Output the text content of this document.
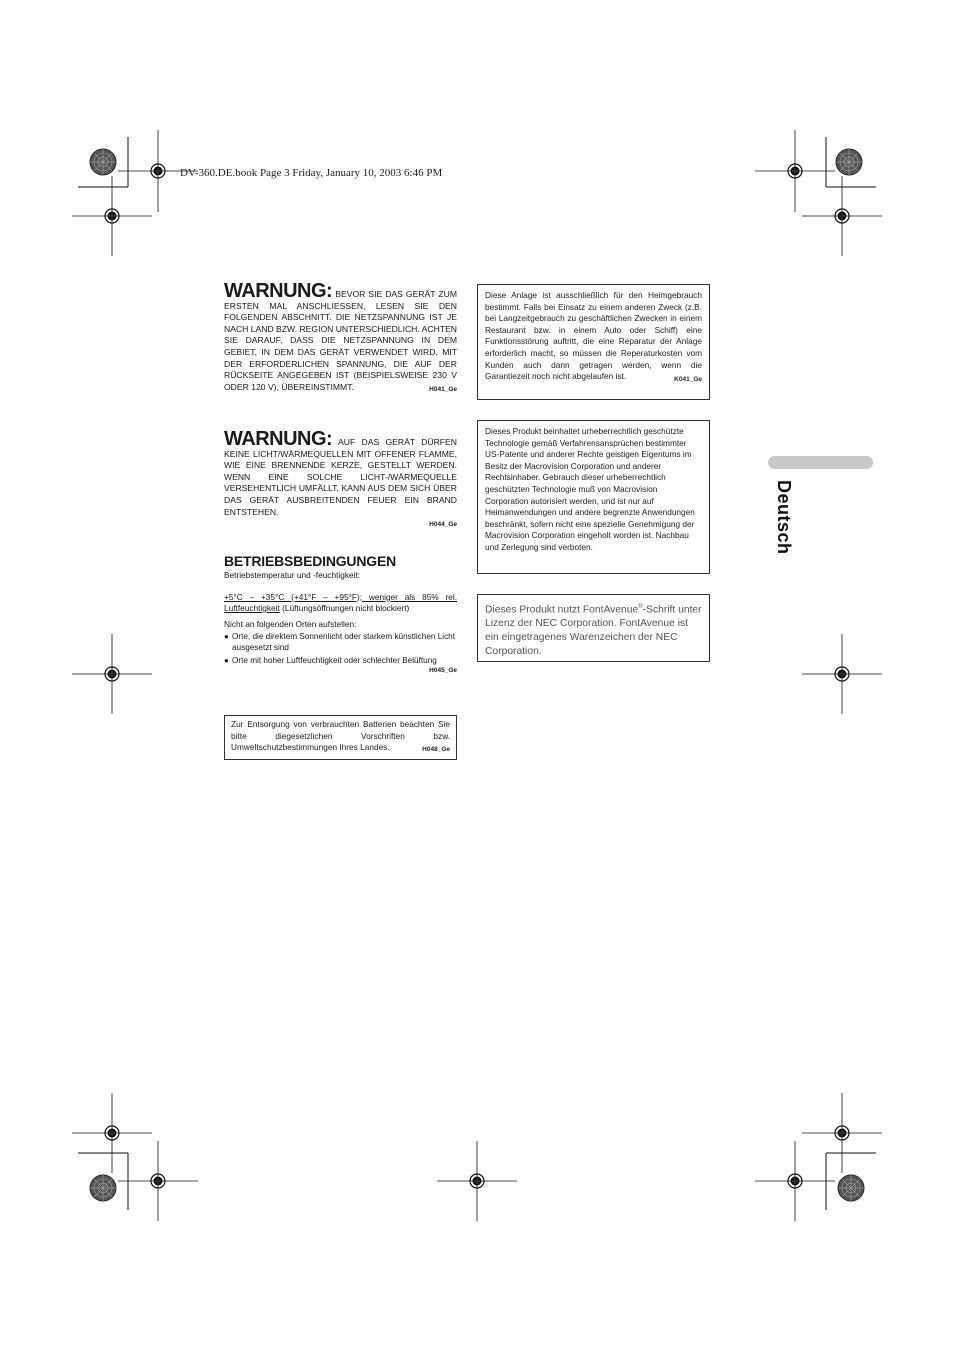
DV-360.DE.book Page 3 Friday, January 10, 2003 6:46 PM
Deutsch
WARNUNG: BEVOR SIE DAS GERÄT ZUM ERSTEN MAL ANSCHLIESSEN, LESEN SIE DEN FOLGENDEN ABSCHNITT. DIE NETZSPANNUNG IST JE NACH LAND BZW. REGION UNTERSCHIEDLICH. ACHTEN SIE DARAUF, DASS DIE NETZSPANNUNG IN DEM GEBIET, IN DEM DAS GERÄT VERWENDET WIRD, MIT DER ERFORDERLICHEN SPANNUNG, DIE AUF DER RÜCKSEITE ANGEGEBEN IST (BEISPIELSWEISE 230 V ODER 120 V), ÜBEREINSTIMMT.	H041_Ge
WARNUNG: AUF DAS GERÄT DÜRFEN KEINE LICHT/WÄRMEQUELLEN MIT OFFENER FLAMME, WIE EINE BRENNENDE KERZE, GESTELLT WERDEN. WENN EINE SOLCHE LICHT-/WÄRMEQUELLE VERSEHENTLICH UMFÄLLT, KANN AUS DEM SICH ÜBER DAS GERÄT AUSBREITENDEN FEUER EIN BRAND ENTSTEHEN.
H044_Ge
BETRIEBSBEDINGUNGEN
Betriebstemperatur und -feuchtigkeit:
+5°C – +35°C (+41°F – +95°F); weniger als 85% rel. Luftfeuchtigkeit (Lüftungsöffnungen nicht blockiert)
Nicht an folgenden Orten aufstellen:
● Orte, die direktem Sonnenlicht oder starkem künstlichen Licht ausgesetzt sind
● Orte mit hoher Luftfeuchtigkeit oder schlechter Belüftung
H045_Ge
Zur Entsorgung von verbrauchten Batterien beachten Sie bitte diegesetzlichen Vorschriften bzw. Umweltschutzbestimmungen Ihres Landes.	H048_Ge
Diese Anlage ist ausschließlich für den Heimgebrauch bestimmt. Falls bei Einsatz zu einem anderen Zweck (z.B. bei Langzeitgebrauch zu geschäftlichen Zwecken in einem Restaurant bzw. in einem Auto oder Schiff) eine Funktionsstörung auftritt, die eine Reparatur der Anlage erforderlich macht, so müssen die Reperaturkosten vom Kunden auch dann getragen werden, wenn die Garantiezeit noch nicht abgelaufen ist.	K041_Ge
Dieses Produkt beinhaltet urheberrechtlich geschützte Technologie gemäß Verfahrensansprüchen bestimmter US-Patente und anderer Rechte geistigen Eigentums im Besitz der Macrovision Corporation und anderer Rechtsinhaber. Gebrauch dieser urheberrechtlich geschützten Technologie muß von Macrovision Corporation autorisiert werden, und ist nur auf Heimanwendungen und andere begrenzte Anwendungen beschränkt, sofern nicht eine spezielle Genehmigung der Macrovision Corporation eingeholt worden ist. Nachbau und Zerlegung sind verboten.
Dieses Produkt nutzt FontAvenue®-Schrift unter Lizenz der NEC Corporation. FontAvenue ist ein eingetragenes Warenzeichen der NEC Corporation.
